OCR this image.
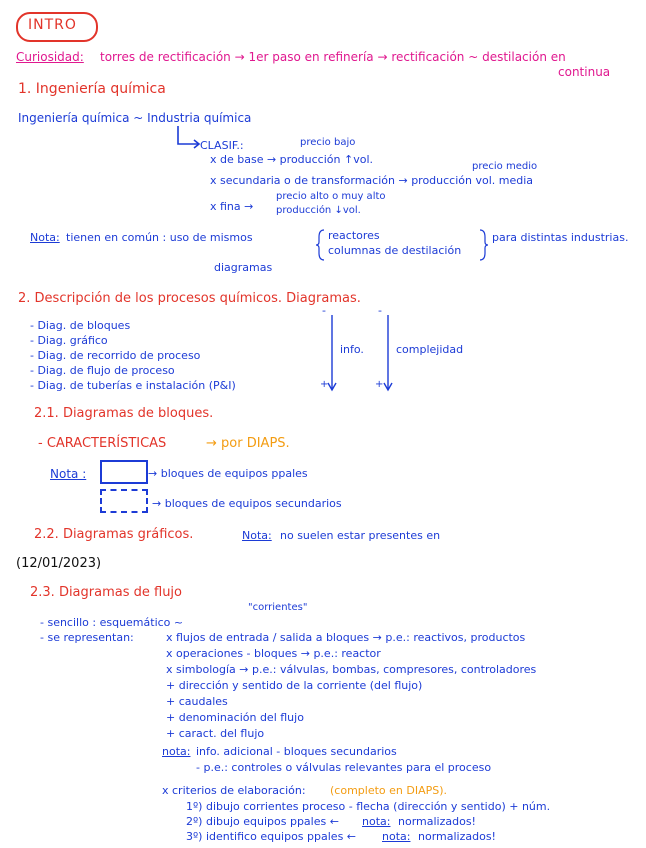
INTRO
Curiosidad: torres de rectificación → 1er paso en refinería → rectificación ~ destilación en
continua
1. Ingeniería química
Ingeniería química ~ Industria química
CLASIF.:	precio bajo
x de base → producción ↑vol.
precio medio
x secundaria o de transformación → producción vol. media
precio alto o muy alto
x fina → producción ↓vol.
Nota: tienen en común : uso de mismos	reactores
columnas de destilación
para distintas industrias.
diagramas
2. Descripción de los procesos químicos. Diagramas.
- Diag. de bloques
- Diag. gráfico
- Diag. de recorrido de proceso
- Diag. de flujo de proceso
- Diag. de tuberías e instalación (P&I)
-	-
info.	complejidad
+	+
2.1. Diagramas de bloques.
- CARACTERÍSTICAS	→ por DIAPS.
Nota :	→ bloques de equipos ppales
→ bloques de equipos secundarios
2.2. Diagramas gráficos.	Nota: no suelen estar presentes en
(12/01/2023)
2.3. Diagramas de flujo
"corrientes"
- sencillo : esquemático ~
- se representan:	x flujos de entrada / salida a bloques → p.e.: reactivos, productos
x operaciones - bloques → p.e.: reactor
x simbología → p.e.: válvulas, bombas, compresores, controladores
+ dirección y sentido de la corriente (del flujo)
+ caudales
+ denominación del flujo
+ caract. del flujo
nota: info. adicional - bloques secundarios
- p.e.: controles o válvulas relevantes para el proceso
x criterios de elaboración: (completo en DIAPS).
1º) dibujo corrientes proceso - flecha (dirección y sentido) + núm.
2º) dibujo equipos ppales ← nota: normalizados!
3º) identifico equipos ppales ← nota: normalizados!
